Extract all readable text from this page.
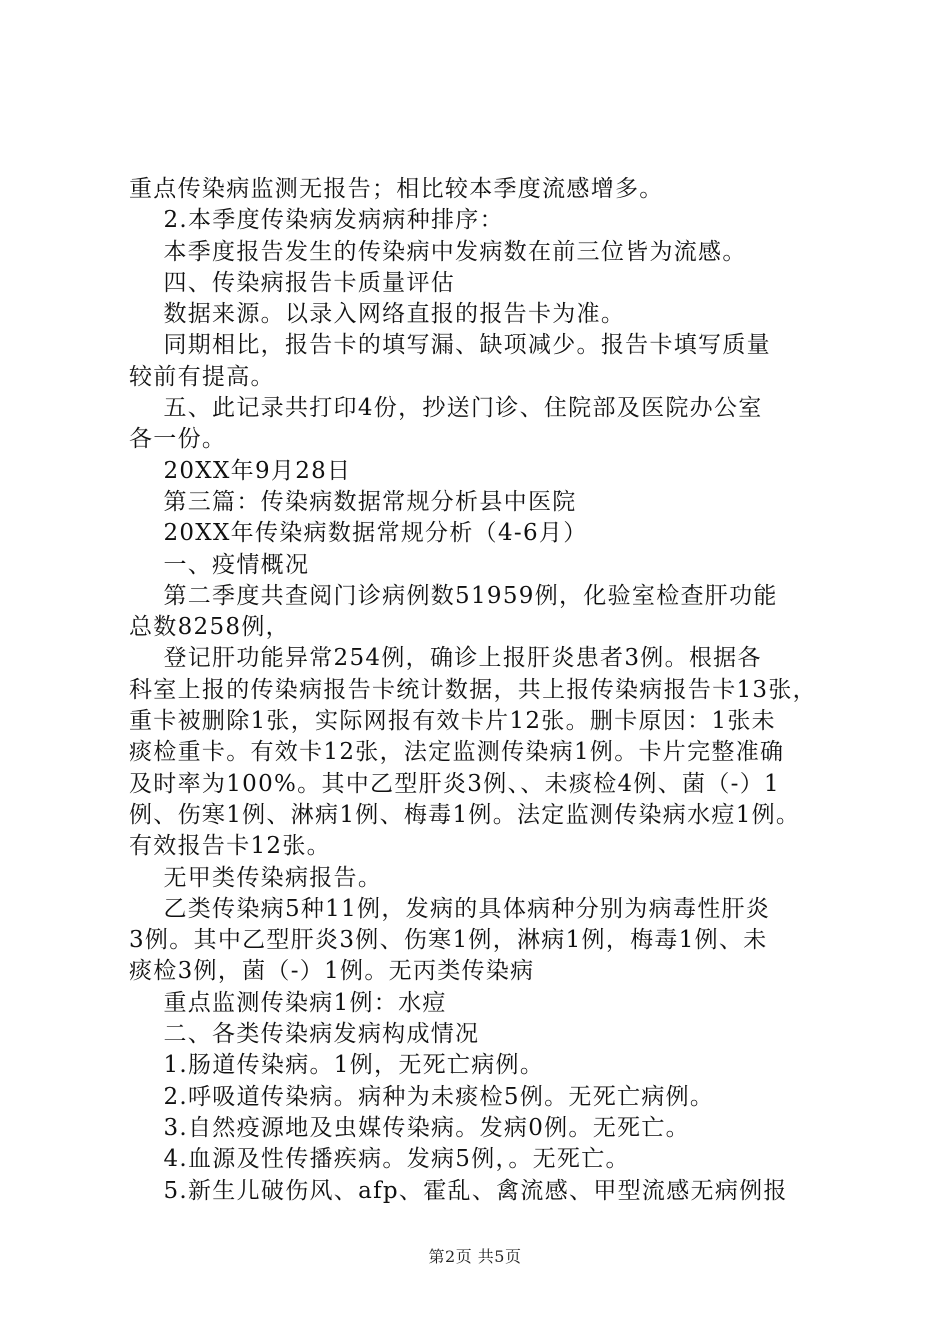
重点传染病监测无报告；相比较本季度流感增多。

2.本季度传染病发病病种排序：

本季度报告发生的传染病中发病数在前三位皆为流感。

四、传染病报告卡质量评估

数据来源。以录入网络直报的报告卡为准。

同期相比，报告卡的填写漏、缺项减少。报告卡填写质量

较前有提高。

五、此记录共打印4份，抄送门诊、住院部及医院办公室

各一份。

20XX年9月28日

第三篇：传染病数据常规分析县中医院

20XX年传染病数据常规分析（4-6月）

一、疫情概况

第二季度共查阅门诊病例数51959例，化验室检查肝功能

总数8258例，

登记肝功能异常254例，确诊上报肝炎患者3例。根据各

科室上报的传染病报告卡统计数据，共上报传染病报告卡13张，

重卡被删除1张，实际网报有效卡片12张。删卡原因：1张未

痰检重卡。有效卡12张，法定监测传染病1例。卡片完整准确

及时率为100%。其中乙型肝炎3例、、未痰检4例、菌（-）1

例、伤寒1例、淋病1例、梅毒1例。法定监测传染病水痘1例。

有效报告卡12张。

无甲类传染病报告。

乙类传染病5种11例，发病的具体病种分别为病毒性肝炎

3例。其中乙型肝炎3例、伤寒1例，淋病1例，梅毒1例、未

痰检3例，菌（-）1例。无丙类传染病

重点监测传染病1例：水痘

二、各类传染病发病构成情况

1.肠道传染病。1例，无死亡病例。

2.呼吸道传染病。病种为未痰检5例。无死亡病例。

3.自然疫源地及虫媒传染病。发病0例。无死亡。

4.血源及性传播疾病。发病5例，。无死亡。

5.新生儿破伤风、afp、霍乱、禽流感、甲型流感无病例报

第2页 共5页
